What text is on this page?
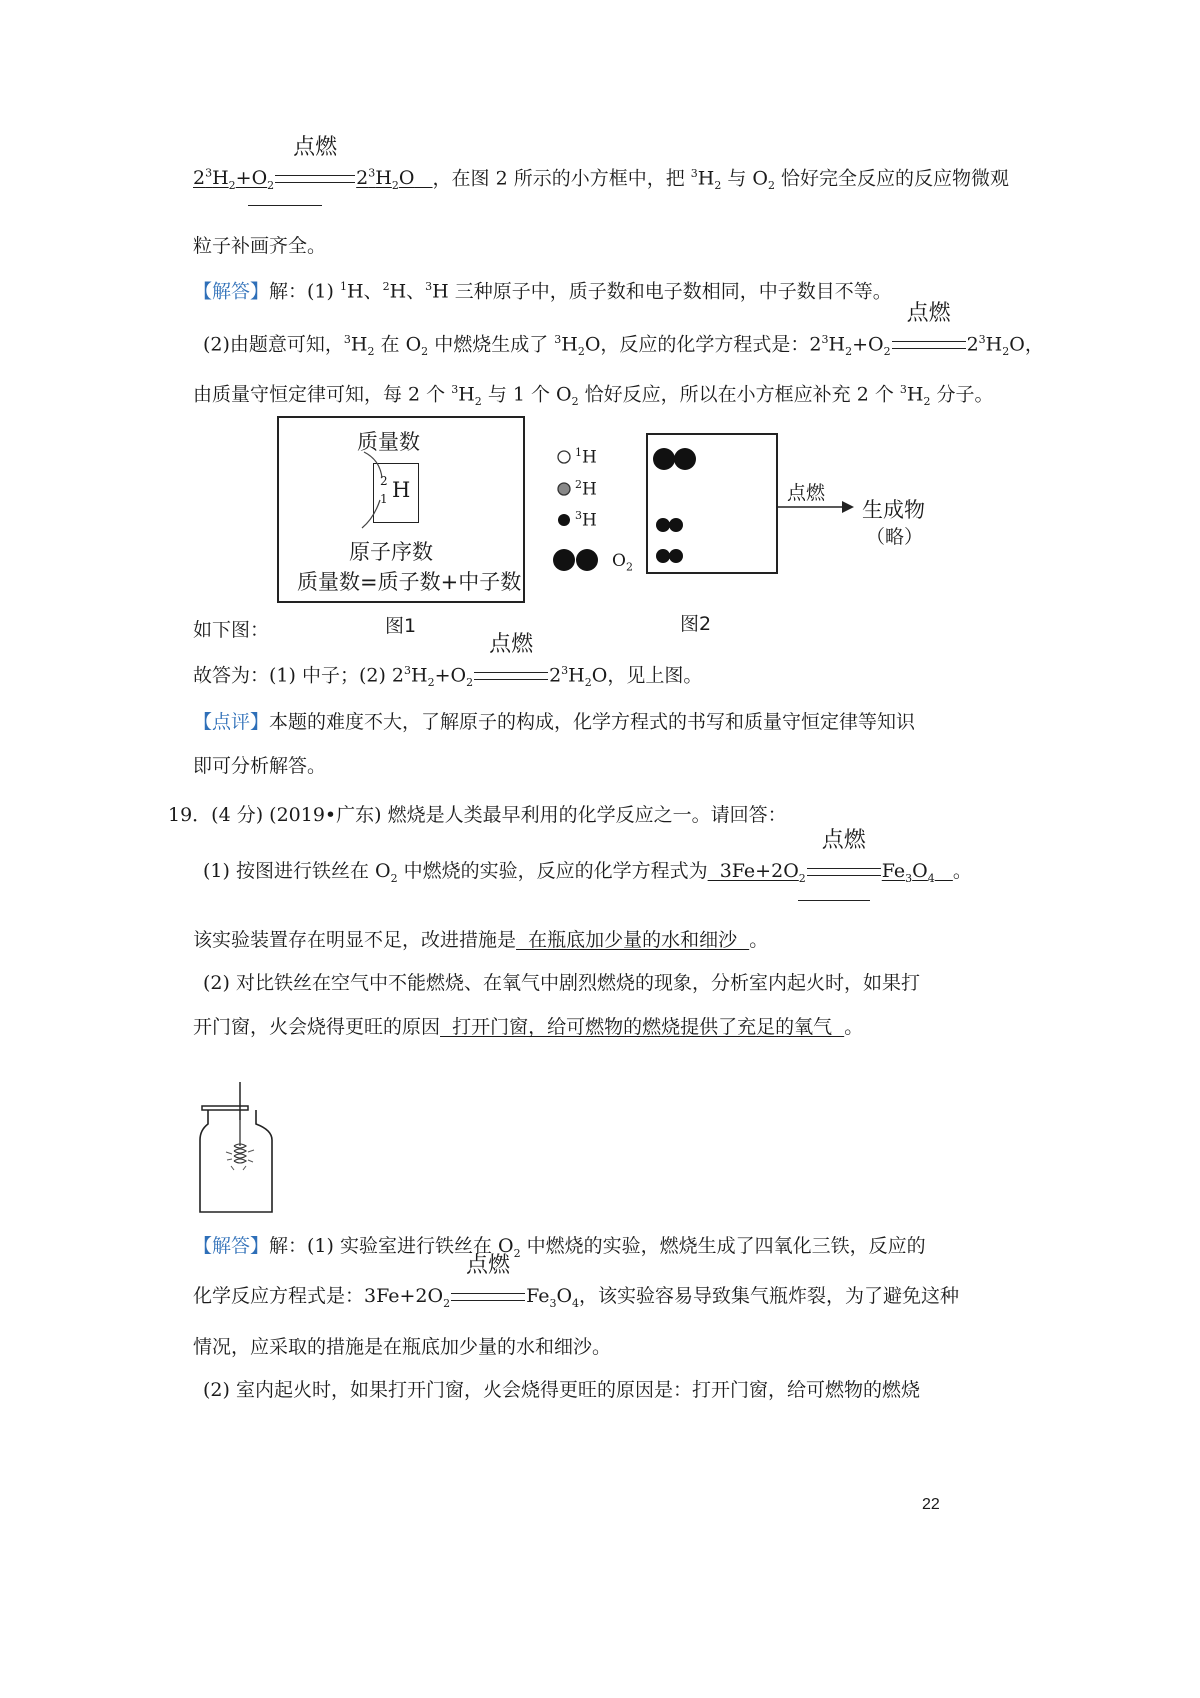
$2^3H_2+O_2$
点燃
$2^3H_2O$ ，在图 2 所示的小方框中，把 $^3H_2$ 与 $O_2$ 恰好完全反应的反应物微观
粒子补画齐全。
【解答】解：(1) $^1$H、$^2$H、$^3$H 三种原子中，质子数和电子数相同，中子数目不等。
(2)由题意可知，$^3H_2$ 在 $O_2$ 中燃烧生成了 $^3H_2O$，反应的化学方程式是：$2^3H_2+O_2$
点燃
$2^3H_2O$，
由质量守恒定律可知，每 2 个 $^3H_2$ 与 1 个 $O_2$ 恰好反应，所以在小方框应补充 2 个 $^3H_2$ 分子。
质量数
2
1 H
原子序数
质量数=质子数+中子数
图1
$^1$H
$^2$H
$^3$H
$O_2$
点燃
生成物
（略）
图2
如下图：
故答为：(1) 中子；(2) $2^3H_2+O_2$
点燃
$2^3H_2O$，见上图。
【点评】本题的难度不大，了解原子的构成，化学方程式的书写和质量守恒定律等知识
即可分析解答。
19．(4 分) (2019•广东) 燃烧是人类最早利用的化学反应之一。请回答：
(1) 按图进行铁丝在 $O_2$ 中燃烧的实验，反应的化学方程式为  $3Fe+2O_2$
点燃
$Fe_3O_4$ 。
该实验装置存在明显不足，改进措施是  在瓶底加少量的水和细沙  。
(2) 对比铁丝在空气中不能燃烧、在氧气中剧烈燃烧的现象，分析室内起火时，如果打
开门窗，火会烧得更旺的原因  打开门窗，给可燃物的燃烧提供了充足的氧气  。
【解答】解：(1) 实验室进行铁丝在 $O_2$ 中燃烧的实验，燃烧生成了四氧化三铁，反应的
化学反应方程式是：$3Fe+2O_2$
点燃
$Fe_3O_4$，该实验容易导致集气瓶炸裂，为了避免这种
情况，应采取的措施是在瓶底加少量的水和细沙。
(2) 室内起火时，如果打开门窗，火会烧得更旺的原因是：打开门窗，给可燃物的燃烧
22
